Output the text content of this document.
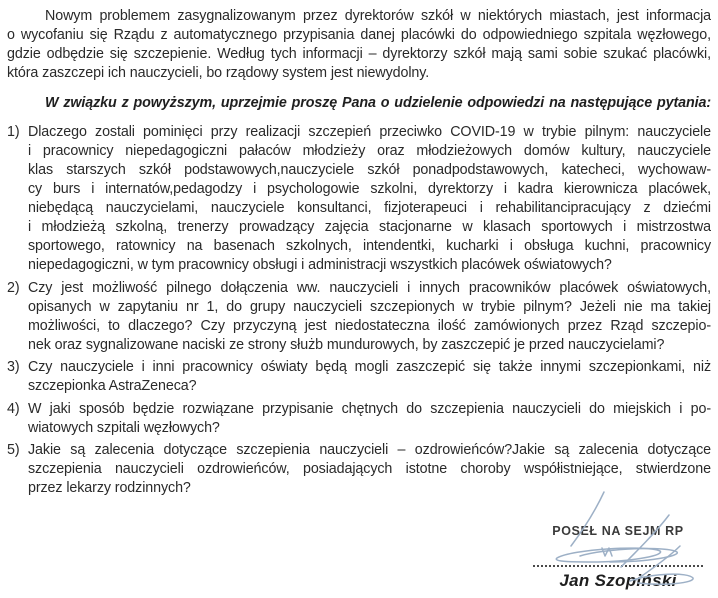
Nowym problemem zasygnalizowanym przez dyrektorów szkół w niektórych miastach, jest informacja
o wycofaniu się Rządu z automatycznego przypisania danej placówki do odpowiedniego szpitala węzłowego,
gdzie odbędzie się szczepienie. Według tych informacji – dyrektorzy szkół mają sami sobie szukać placówki,
która zaszczepi ich nauczycieli, bo rządowy system jest niewydolny.
W związku z powyższym, uprzejmie proszę Pana o udzielenie odpowiedzi na następujące pytania:
1) Dlaczego zostali pominięci przy realizacji szczepień przeciwko COVID-19 w trybie pilnym: nauczyciele
i pracownicy niepedagogiczni pałaców młodzieży oraz młodzieżowych domów kultury, nauczyciele
klas starszych szkół podstawowych,nauczyciele szkół ponadpodstawowych, katecheci, wychowaw-
cy burs i internatów,pedagodzy i psychologowie szkolni, dyrektorzy i kadra kierownicza placówek,
niebędącą nauczycielami, nauczyciele konsultanci, fizjoterapeuci i rehabilitancipracujący z dziećmi
i młodzieżą szkolną, trenerzy prowadzący zajęcia stacjonarne w klasach sportowych i mistrzostwa
sportowego, ratownicy na basenach szkolnych, intendentki, kucharki i obsługa kuchni, pracownicy
niepedagogiczni, w tym pracownicy obsługi i administracji wszystkich placówek oświatowych?
2) Czy jest możliwość pilnego dołączenia ww. nauczycieli i innych pracowników placówek oświatowych,
opisanych w zapytaniu nr 1, do grupy nauczycieli szczepionych w trybie pilnym? Jeżeli nie ma takiej
możliwości, to dlaczego? Czy przyczyną jest niedostateczna ilość zamówionych przez Rząd szczepio-
nek oraz sygnalizowane naciski ze strony służb mundurowych, by zaszczepić je przed nauczycielami?
3) Czy nauczyciele i inni pracownicy oświaty będą mogli zaszczepić się także innymi szczepionkami, niż
szczepionka AstraZeneca?
4) W jaki sposób będzie rozwiązane przypisanie chętnych do szczepienia nauczycieli do miejskich i po-
wiatowych szpitali węzłowych?
5) Jakie są zalecenia dotyczące szczepienia nauczycieli – ozdrowieńców?Jakie są zalecenia dotyczące
szczepienia nauczycieli ozdrowieńców, posiadających istotne choroby współistniejące, stwierdzone
przez lekarzy rodzinnych?
POSEŁ NA SEJM RP
Jan Szopiński
